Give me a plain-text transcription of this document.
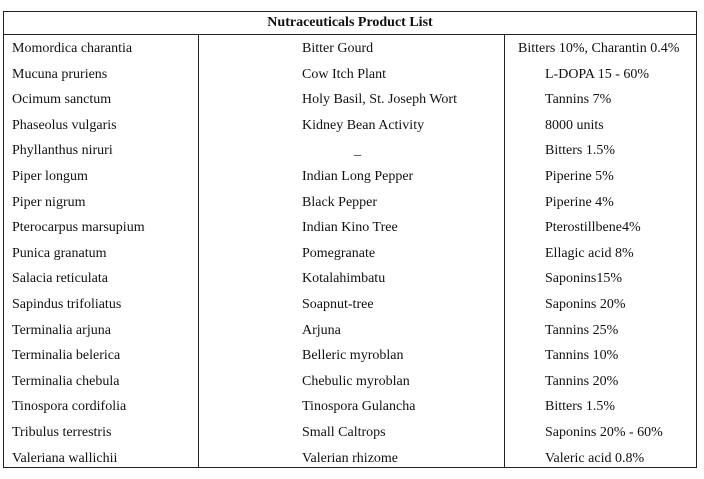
Nutraceuticals Product List
Momordica charantia	Bitter Gourd	Bitters 10%, Charantin 0.4%
Mucuna pruriens	Cow Itch Plant	L-DOPA 15 - 60%
Ocimum sanctum	Holy Basil, St. Joseph Wort	Tannins 7%
Phaseolus vulgaris	Kidney Bean Activity	8000 units
Phyllanthus niruri	_	Bitters 1.5%
Piper longum	Indian Long Pepper	Piperine 5%
Piper nigrum	Black Pepper	Piperine 4%
Pterocarpus marsupium	Indian Kino Tree	Pterostillbene4%
Punica granatum	Pomegranate	Ellagic acid 8%
Salacia reticulata	Kotalahimbatu	Saponins15%
Sapindus trifoliatus	Soapnut-tree	Saponins 20%
Terminalia arjuna	Arjuna	Tannins 25%
Terminalia belerica	Belleric myroblan	Tannins 10%
Terminalia chebula	Chebulic myroblan	Tannins 20%
Tinospora cordifolia	Tinospora Gulancha	Bitters 1.5%
Tribulus terrestris	Small Caltrops	Saponins 20% - 60%
Valeriana wallichii	Valerian rhizome	Valeric acid 0.8%
